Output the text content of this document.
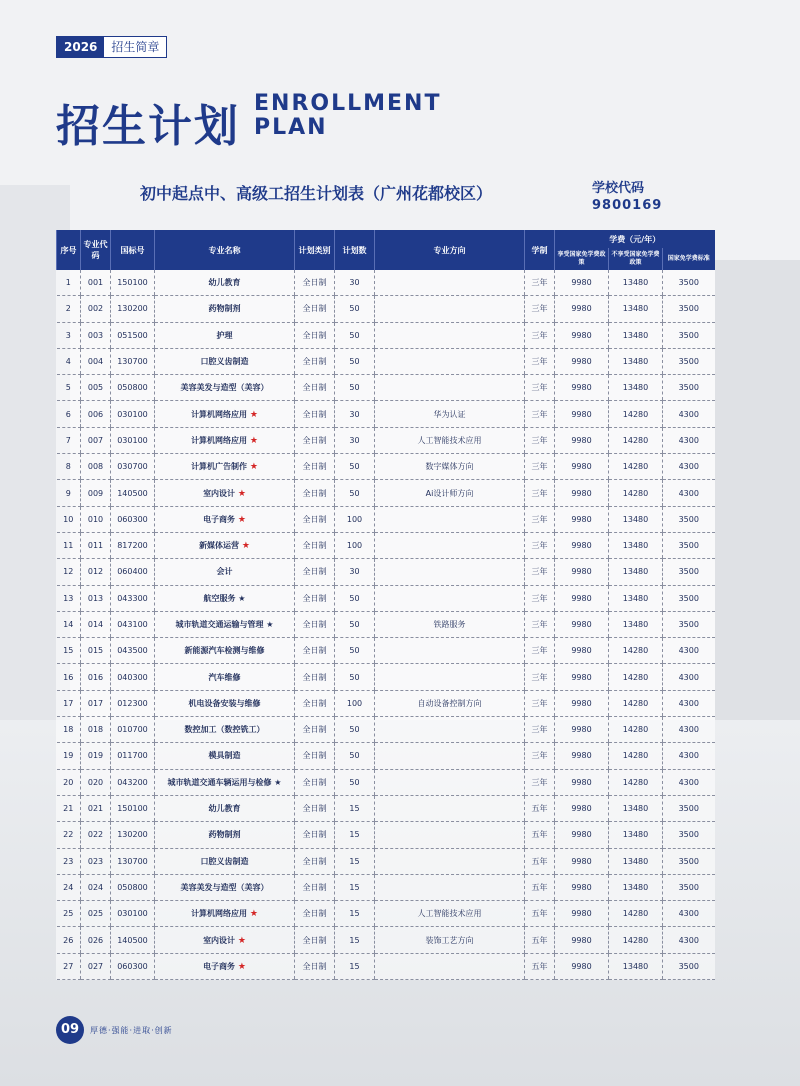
2026	招生简章
招生计划 ENROLLMENT
PLAN
初中起点中、高级工招生计划表（广州花都校区）	学校代码
9800169
序号	专业代码	国标号	专业名称	计划类别	计划数	专业方向	学制	学费（元/年）		
								享受国家免学费政策	不享受国家免学费政策	国家免学费标准
1	001	150100	幼儿教育	全日制	30		三年	9980	13480	3500
2	002	130200	药物制剂	全日制	50		三年	9980	13480	3500
3	003	051500	护理	全日制	50		三年	9980	13480	3500
4	004	130700	口腔义齿制造	全日制	50		三年	9980	13480	3500
5	005	050800	美容美发与造型（美容）	全日制	50		三年	9980	13480	3500
6	006	030100	计算机网络应用 ★	全日制	30	华为认证	三年	9980	14280	4300
7	007	030100	计算机网络应用 ★	全日制	30	人工智能技术应用	三年	9980	14280	4300
8	008	030700	计算机广告制作 ★	全日制	50	数字媒体方向	三年	9980	14280	4300
9	009	140500	室内设计 ★	全日制	50	Ai设计师方向	三年	9980	14280	4300
10	010	060300	电子商务 ★	全日制	100		三年	9980	13480	3500
11	011	817200	新媒体运营 ★	全日制	100		三年	9980	13480	3500
12	012	060400	会计	全日制	30		三年	9980	13480	3500
13	013	043300	航空服务 ★	全日制	50		三年	9980	13480	3500
14	014	043100	城市轨道交通运输与管理 ★	全日制	50	铁路服务	三年	9980	13480	3500
15	015	043500	新能源汽车检测与维修	全日制	50		三年	9980	14280	4300
16	016	040300	汽车维修	全日制	50		三年	9980	14280	4300
17	017	012300	机电设备安装与维修	全日制	100	自动设备控制方向	三年	9980	14280	4300
18	018	010700	数控加工（数控铣工）	全日制	50		三年	9980	14280	4300
19	019	011700	模具制造	全日制	50		三年	9980	14280	4300
20	020	043200	城市轨道交通车辆运用与检修 ★	全日制	50		三年	9980	14280	4300
21	021	150100	幼儿教育	全日制	15		五年	9980	13480	3500
22	022	130200	药物制剂	全日制	15		五年	9980	13480	3500
23	023	130700	口腔义齿制造	全日制	15		五年	9980	13480	3500
24	024	050800	美容美发与造型（美容）	全日制	15		五年	9980	13480	3500
25	025	030100	计算机网络应用 ★	全日制	15	人工智能技术应用	五年	9980	14280	4300
26	026	140500	室内设计 ★	全日制	15	装饰工艺方向	五年	9980	14280	4300
27	027	060300	电子商务 ★	全日制	15		五年	9980	13480	3500
09	厚德·强能·进取·创新
